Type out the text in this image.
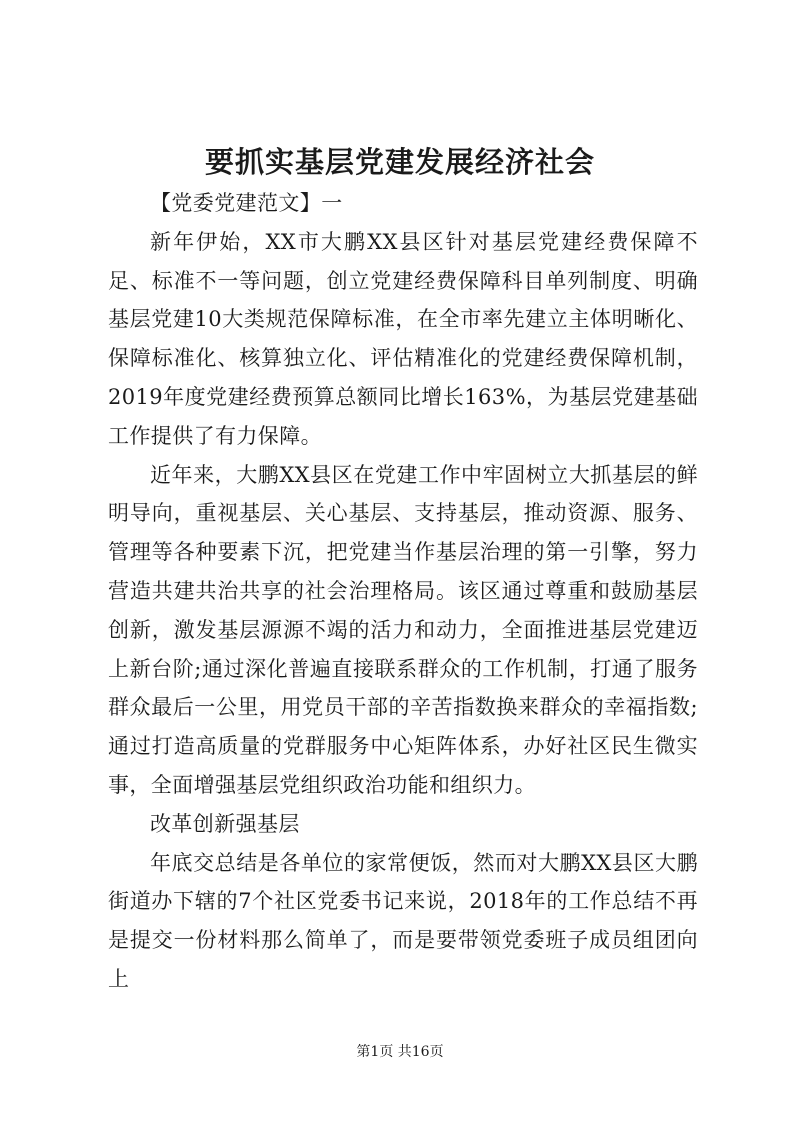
要抓实基层党建发展经济社会

【党委党建范文】一

新年伊始，XX市大鹏XX县区针对基层党建经费保障不足、标准不一等问题，创立党建经费保障科目单列制度、明确基层党建10大类规范保障标准，在全市率先建立主体明晰化、保障标准化、核算独立化、评估精准化的党建经费保障机制，2019年度党建经费预算总额同比增长163%，为基层党建基础工作提供了有力保障。

近年来，大鹏XX县区在党建工作中牢固树立大抓基层的鲜明导向，重视基层、关心基层、支持基层，推动资源、服务、管理等各种要素下沉，把党建当作基层治理的第一引擎，努力营造共建共治共享的社会治理格局。该区通过尊重和鼓励基层创新，激发基层源源不竭的活力和动力，全面推进基层党建迈上新台阶;通过深化普遍直接联系群众的工作机制，打通了服务群众最后一公里，用党员干部的辛苦指数换来群众的幸福指数;通过打造高质量的党群服务中心矩阵体系，办好社区民生微实事，全面增强基层党组织政治功能和组织力。

改革创新强基层

年底交总结是各单位的家常便饭，然而对大鹏XX县区大鹏街道办下辖的7个社区党委书记来说，2018年的工作总结不再是提交一份材料那么简单了，而是要带领党委班子成员组团向上

第1页 共16页
